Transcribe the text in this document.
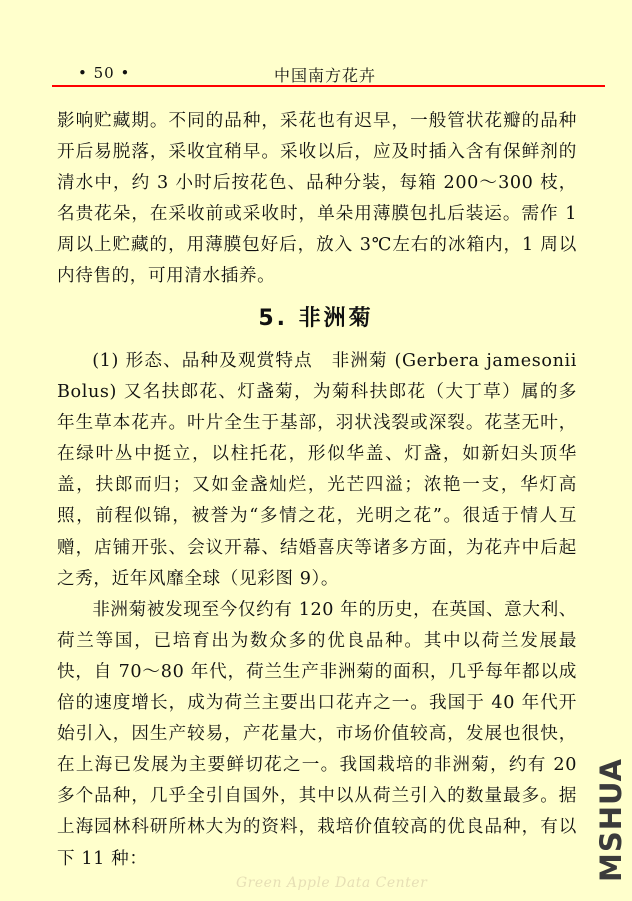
• 50 •	中国南方花卉

影响贮藏期。不同的品种，采花也有迟早，一般管状花瓣的品种开后易脱落，采收宜稍早。采收以后，应及时插入含有保鲜剂的清水中，约 3 小时后按花色、品种分装，每箱 200～300 枝，名贵花朵，在采收前或采收时，单朵用薄膜包扎后装运。需作 1 周以上贮藏的，用薄膜包好后，放入 3℃左右的冰箱内，1 周以内待售的，可用清水插养。

5. 非洲菊

(1) 形态、品种及观赏特点　非洲菊 (Gerbera jamesonii Bolus) 又名扶郎花、灯盏菊，为菊科扶郎花（大丁草）属的多年生草本花卉。叶片全生于基部，羽状浅裂或深裂。花茎无叶，在绿叶丛中挺立，以柱托花，形似华盖、灯盏，如新妇头顶华盖，扶郎而归；又如金盏灿烂，光芒四溢；浓艳一支，华灯高照，前程似锦，被誉为“多情之花，光明之花”。很适于情人互赠，店铺开张、会议开幕、结婚喜庆等诸多方面，为花卉中后起之秀，近年风靡全球（见彩图 9）。

非洲菊被发现至今仅约有 120 年的历史，在英国、意大利、荷兰等国，已培育出为数众多的优良品种。其中以荷兰发展最快，自 70～80 年代，荷兰生产非洲菊的面积，几乎每年都以成倍的速度增长，成为荷兰主要出口花卉之一。我国于 40 年代开始引入，因生产较易，产花量大，市场价值较高，发展也很快，在上海已发展为主要鲜切花之一。我国栽培的非洲菊，约有 20 多个品种，几乎全引自国外，其中以从荷兰引入的数量最多。据上海园林科研所林大为的资料，栽培价值较高的优良品种，有以下 11 种：

Green Apple Data Center
MSHUA
